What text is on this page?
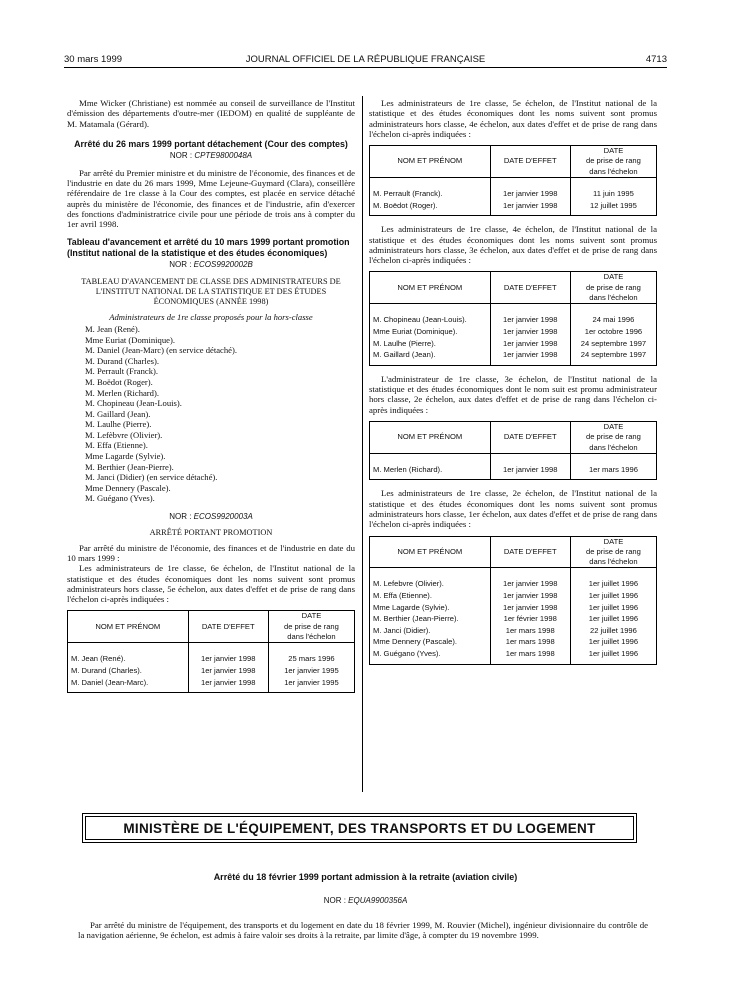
30 mars 1999	JOURNAL OFFICIEL DE LA RÉPUBLIQUE FRANÇAISE	4713

Mme Wicker (Christiane) est nommée au conseil de surveillance de l'Institut d'émission des départements d'outre-mer (IEDOM) en qualité de suppléante de M. Matamala (Gérard).

Arrêté du 26 mars 1999 portant détachement (Cour des comptes)
NOR : CPTE9800048A

Par arrêté du Premier ministre et du ministre de l'économie, des finances et de l'industrie en date du 26 mars 1999, Mme Lejeune-Guymard (Clara), conseillère référendaire de 1re classe à la Cour des comptes, est placée en service détaché auprès du ministère de l'économie, des finances et de l'industrie, afin d'exercer des fonctions d'administratrice civile pour une période de trois ans à compter du 1er avril 1998.

Tableau d'avancement et arrêté du 10 mars 1999 portant promotion (Institut national de la statistique et des études économiques)
NOR : ECOS9920002B
TABLEAU D'AVANCEMENT DE CLASSE DES ADMINISTRATEURS DE L'INSTITUT NATIONAL DE LA STATISTIQUE ET DES ÉTUDES ÉCONOMIQUES (ANNÉE 1998)
Administrateurs de 1re classe proposés pour la hors-classe
M. Jean (René).
Mme Euriat (Dominique).
M. Daniel (Jean-Marc) (en service détaché).
M. Durand (Charles).
M. Perrault (Franck).
M. Boëdot (Roger).
M. Merlen (Richard).
M. Chopineau (Jean-Louis).
M. Gaillard (Jean).
M. Laulhe (Pierre).
M. Lefèbvre (Olivier).
M. Effa (Etienne).
Mme Lagarde (Sylvie).
M. Berthier (Jean-Pierre).
M. Janci (Didier) (en service détaché).
Mme Dennery (Pascale).
M. Guégano (Yves).
NOR : ECOS9920003A
ARRÊTÉ PORTANT PROMOTION

Par arrêté du ministre de l'économie, des finances et de l'industrie en date du 10 mars 1999 :

Les administrateurs de 1re classe, 6e échelon, de l'Institut national de la statistique et des études économiques dont les noms suivent sont promus administrateurs hors classe, 5e échelon, aux dates d'effet et de prise de rang dans l'échelon ci-après indiquées :

NOM ET PRÉNOM	DATE D'EFFET	DATE
de prise de rang
dans l'échelon

M. Jean (René).	1er janvier 1998	25 mars 1996
M. Durand (Charles).	1er janvier 1998	1er janvier 1995
M. Daniel (Jean-Marc).	1er janvier 1998	1er janvier 1995

Les administrateurs de 1re classe, 5e échelon, de l'Institut national de la statistique et des études économiques dont les noms suivent sont promus administrateurs hors classe, 4e échelon, aux dates d'effet et de prise de rang dans l'échelon ci-après indiquées :

NOM ET PRÉNOM	DATE D'EFFET	DATE
de prise de rang
dans l'échelon

M. Perrault (Franck).	1er janvier 1998	11 juin 1995
M. Boëdot (Roger).	1er janvier 1998	12 juillet 1995

Les administrateurs de 1re classe, 4e échelon, de l'Institut national de la statistique et des études économiques dont les noms suivent sont promus administrateurs hors classe, 3e échelon, aux dates d'effet et de prise de rang dans l'échelon ci-après indiquées :

NOM ET PRÉNOM	DATE D'EFFET	DATE
de prise de rang
dans l'échelon

M. Chopineau (Jean-Louis).	1er janvier 1998	24 mai 1996
Mme Euriat (Dominique).	1er janvier 1998	1er octobre 1996
M. Laulhe (Pierre).	1er janvier 1998	24 septembre 1997
M. Gaillard (Jean).	1er janvier 1998	24 septembre 1997

L'administrateur de 1re classe, 3e échelon, de l'Institut national de la statistique et des études économiques dont le nom suit est promu administrateur hors classe, 2e échelon, aux dates d'effet et de prise de rang dans l'échelon ci-après indiquées :

NOM ET PRÉNOM	DATE D'EFFET	DATE
de prise de rang
dans l'échelon

M. Merlen (Richard).	1er janvier 1998	1er mars 1996

Les administrateurs de 1re classe, 2e échelon, de l'Institut national de la statistique et des études économiques dont les noms suivent sont promus administrateurs hors classe, 1er échelon, aux dates d'effet et de prise de rang dans l'échelon ci-après indiquées :

NOM ET PRÉNOM	DATE D'EFFET	DATE
de prise de rang
dans l'échelon

M. Lefebvre (Olivier).	1er janvier 1998	1er juillet 1996
M. Effa (Etienne).	1er janvier 1998	1er juillet 1996
Mme Lagarde (Sylvie).	1er janvier 1998	1er juillet 1996
M. Berthier (Jean-Pierre).	1er février 1998	1er juillet 1996
M. Janci (Didier).	1er mars 1998	22 juillet 1996
Mme Dennery (Pascale).	1er mars 1998	1er juillet 1996
M. Guégano (Yves).	1er mars 1998	1er juillet 1996
MINISTÈRE DE L'ÉQUIPEMENT, DES TRANSPORTS ET DU LOGEMENT
Arrêté du 18 février 1999 portant admission à la retraite (aviation civile)
NOR : EQUA9900356A
Par arrêté du ministre de l'équipement, des transports et du logement en date du 18 février 1999, M. Rouvier (Michel), ingénieur divisionnaire du contrôle de la navigation aérienne, 9e échelon, est admis à faire valoir ses droits à la retraite, par limite d'âge, à compter du 19 novembre 1999.
